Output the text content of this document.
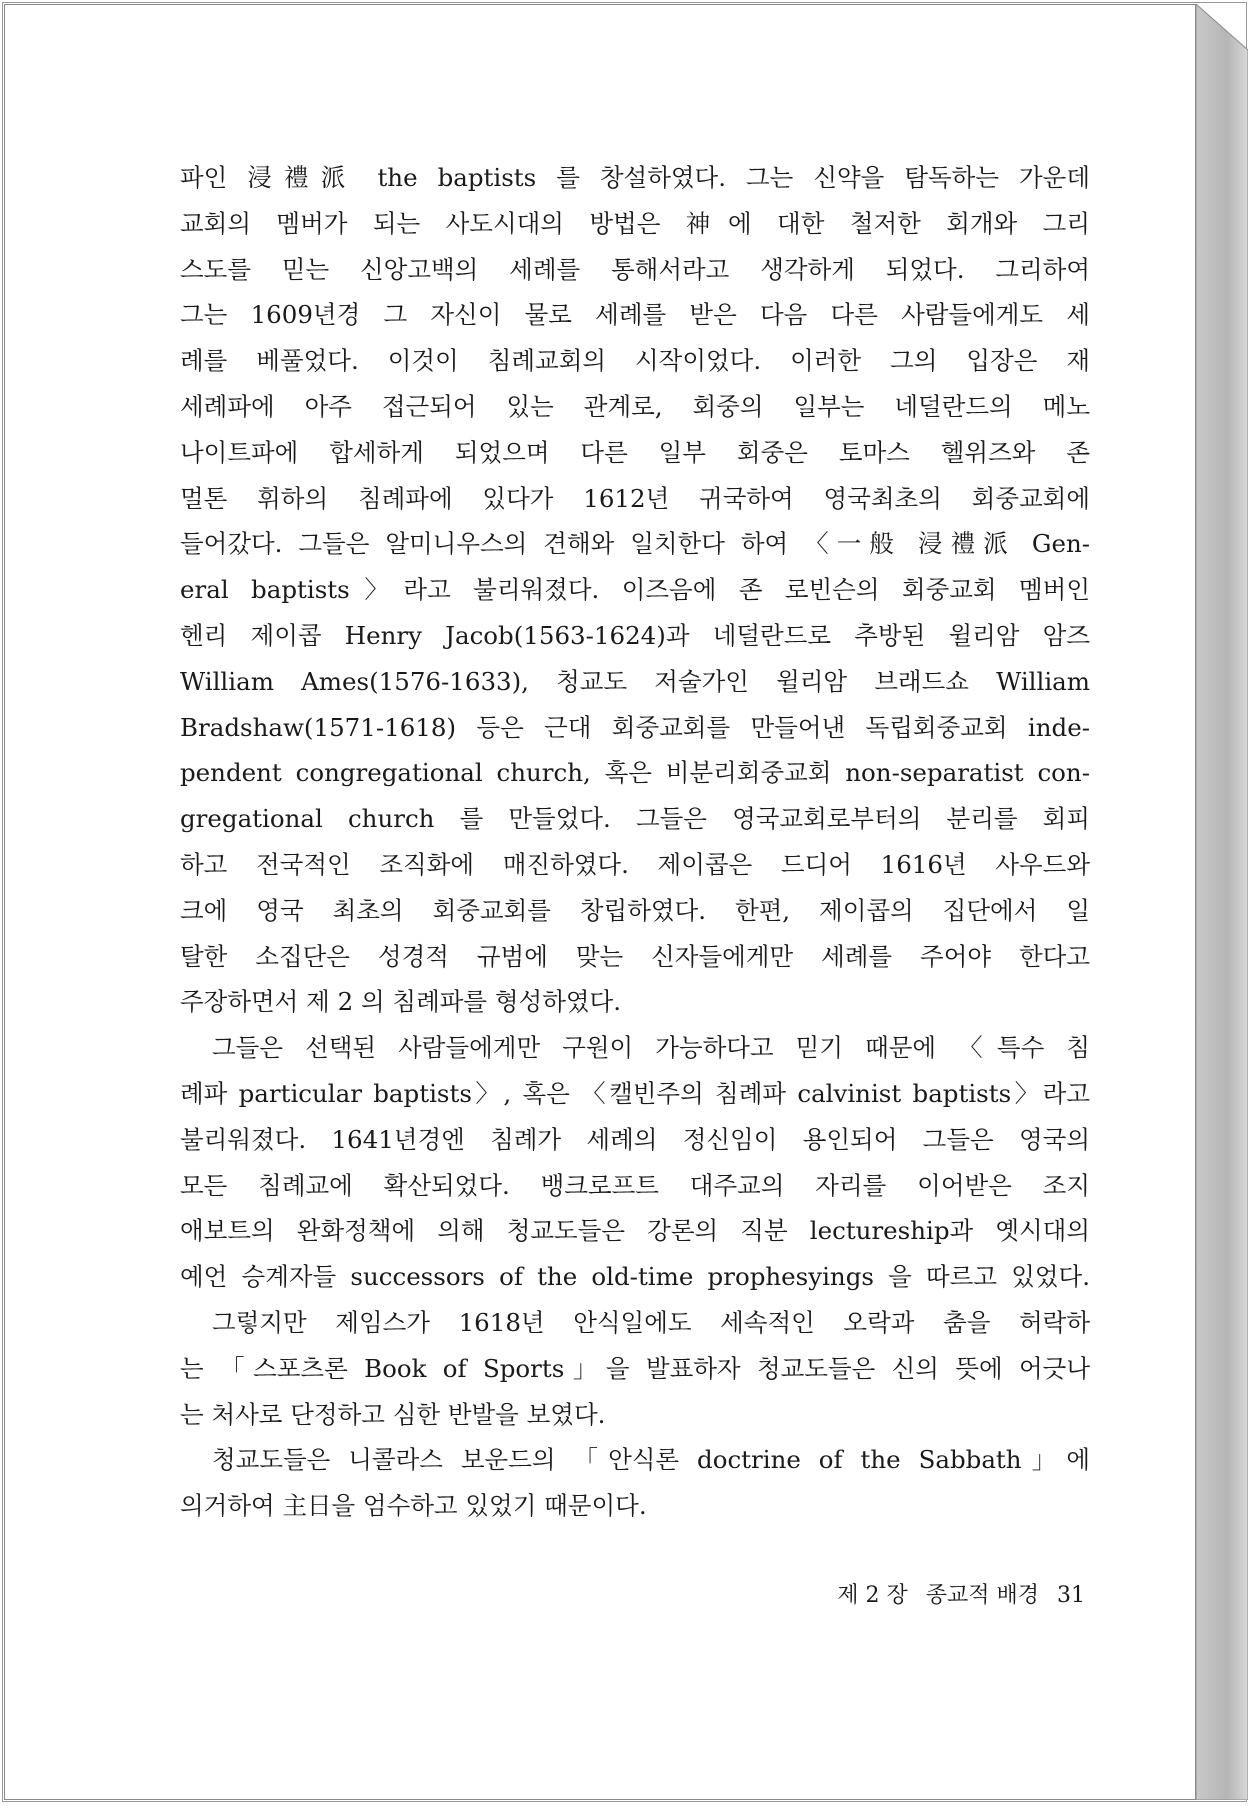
파인 浸禮派 the baptists 를 창설하였다. 그는 신약을 탐독하는 가운데
교회의 멤버가 되는 사도시대의 방법은 神에 대한 철저한 회개와 그리
스도를 믿는 신앙고백의 세례를 통해서라고 생각하게 되었다. 그리하여
그는 1609년경 그 자신이 물로 세례를 받은 다음 다른 사람들에게도 세
례를 베풀었다. 이것이 침례교회의 시작이었다. 이러한 그의 입장은 재
세례파에 아주 접근되어 있는 관계로, 회중의 일부는 네덜란드의 메노
나이트파에 합세하게 되었으며 다른 일부 회중은 토마스 헬위즈와 존
멀톤 휘하의 침례파에 있다가 1612년 귀국하여 영국최초의 회중교회에
들어갔다. 그들은 알미니우스의 견해와 일치한다 하여 〈一般 浸禮派 Gen-
eral baptists〉라고 불리워졌다. 이즈음에 존 로빈슨의 회중교회 멤버인
헨리 제이콥 Henry Jacob(1563-1624)과 네덜란드로 추방된 윌리암 암즈
William Ames(1576-1633), 청교도 저술가인 윌리암 브래드쇼 William
Bradshaw(1571-1618) 등은 근대 회중교회를 만들어낸 독립회중교회 inde-
pendent congregational church, 혹은 비분리회중교회 non-separatist con-
gregational church 를 만들었다. 그들은 영국교회로부터의 분리를 회피
하고 전국적인 조직화에 매진하였다. 제이콥은 드디어 1616년 사우드와
크에 영국 최초의 회중교회를 창립하였다. 한편, 제이콥의 집단에서 일
탈한 소집단은 성경적 규범에 맞는 신자들에게만 세례를 주어야 한다고
주장하면서 제 2 의 침례파를 형성하였다.
그들은 선택된 사람들에게만 구원이 가능하다고 믿기 때문에 〈특수 침
례파 particular baptists〉, 혹은 〈캘빈주의 침례파 calvinist baptists〉라고
불리워졌다. 1641년경엔 침례가 세례의 정신임이 용인되어 그들은 영국의
모든 침례교에 확산되었다. 뱅크로프트 대주교의 자리를 이어받은 조지
애보트의 완화정책에 의해 청교도들은 강론의 직분 lectureship과 옛시대의
예언 승계자들 successors of the old-time prophesyings 을 따르고 있었다.
그렇지만 제임스가 1618년 안식일에도 세속적인 오락과 춤을 허락하
는 「스포츠론 Book of Sports」을 발표하자 청교도들은 신의 뜻에 어긋나
는 처사로 단정하고 심한 반발을 보였다.
청교도들은 니콜라스 보운드의 「안식론 doctrine of the Sabbath」에
의거하여 主日을 엄수하고 있었기 때문이다.
제 2 장 종교적 배경 31
